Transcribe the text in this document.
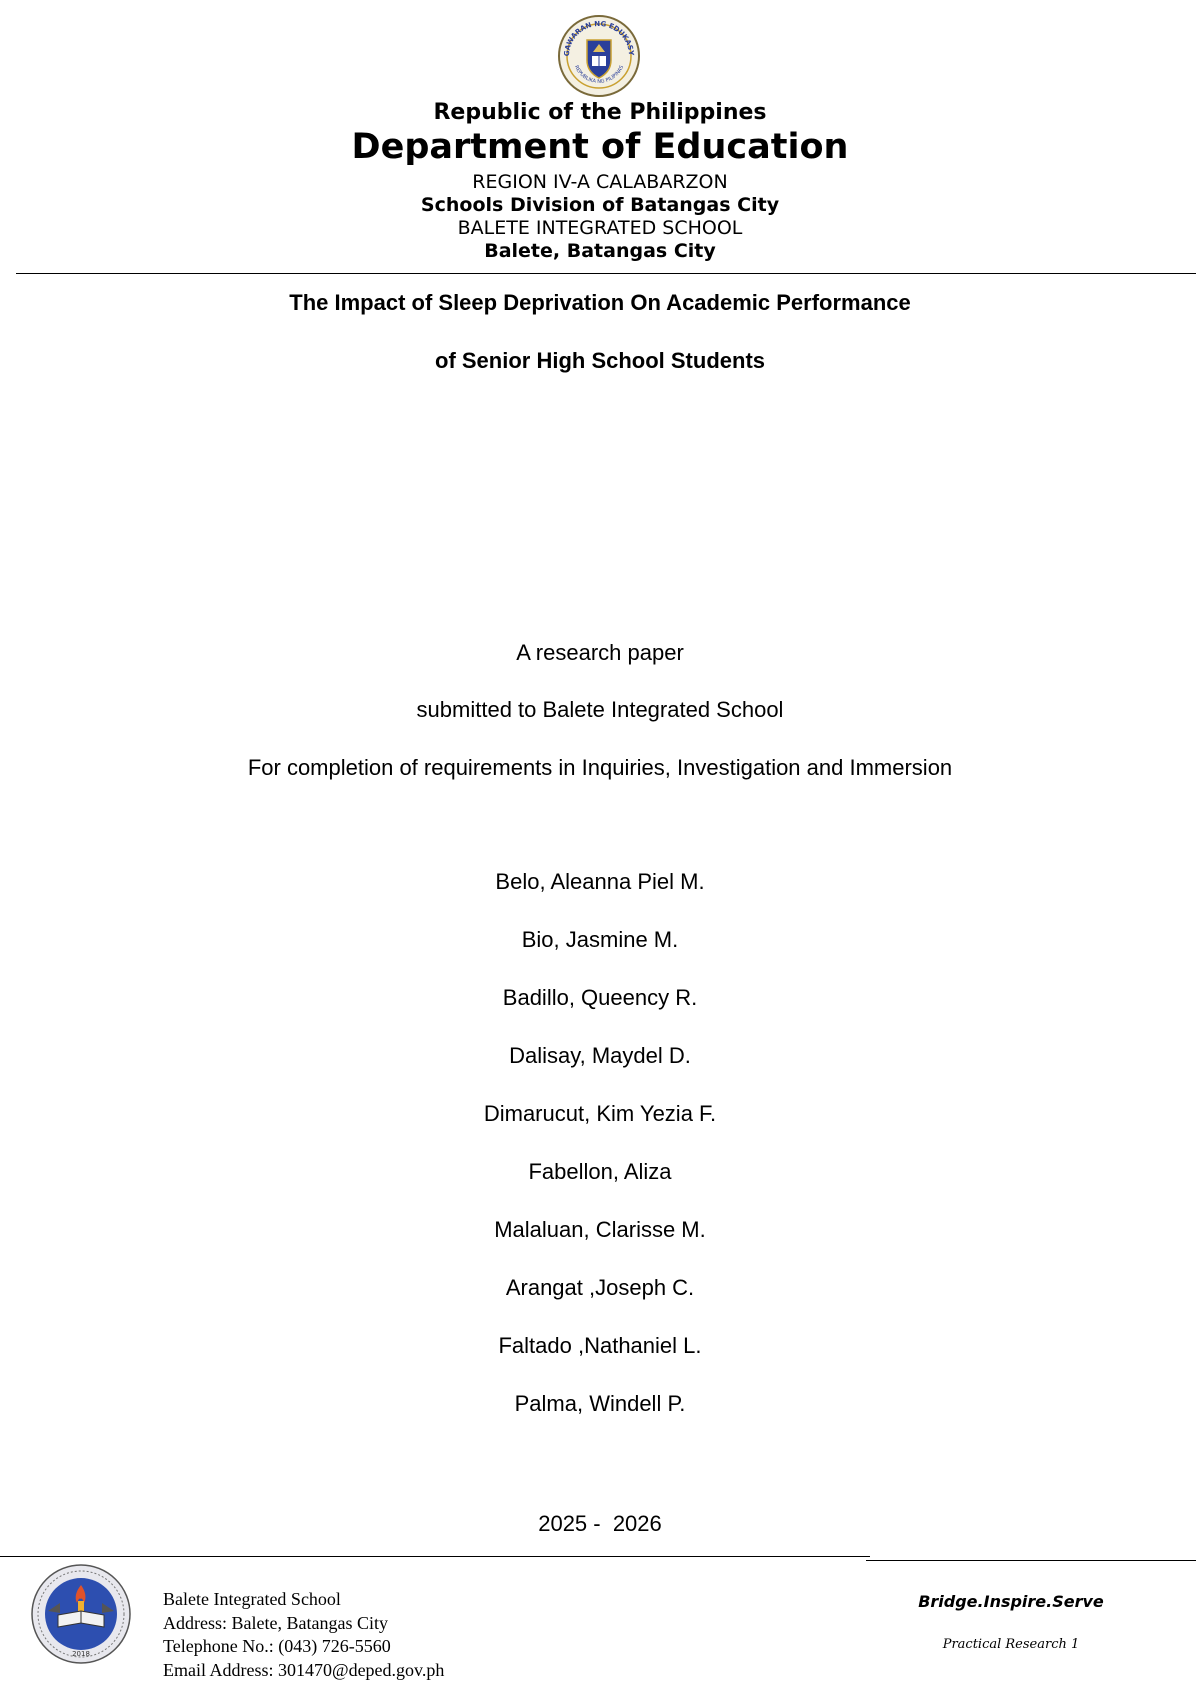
GAWARAN NG EDUKASY
REPUBLIKA NG PILIPINAS
Republic of the Philippines
Department of Education
REGION IV-A CALABARZON
Schools Division of Batangas City
BALETE INTEGRATED SCHOOL
Balete, Batangas City
The Impact of Sleep Deprivation On Academic Performance
of Senior High School Students
A research paper
submitted to Balete Integrated School
For completion of requirements in Inquiries, Investigation and Immersion
Belo, Aleanna Piel M.
Bio, Jasmine M.
Badillo, Queency R.
Dalisay, Maydel D.
Dimarucut, Kim Yezia F.
Fabellon, Aliza
Malaluan, Clarisse M.
Arangat ,Joseph C.
Faltado ,Nathaniel L.
Palma, Windell P.
2025 -  2026
2018
Balete Integrated School
Address: Balete, Batangas City
Telephone No.: (043) 726-5560
Email Address: 301470@deped.gov.ph
Bridge.Inspire.Serve
Practical Research 1
